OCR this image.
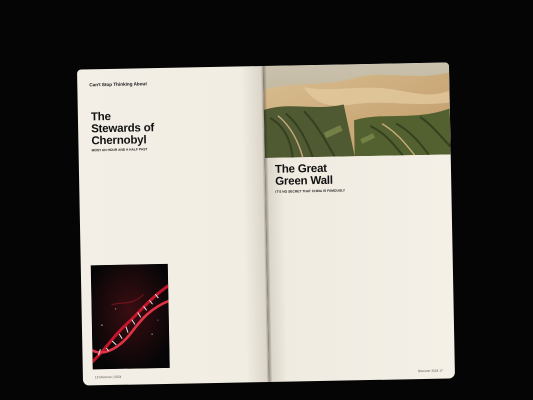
Can't Stop Thinking About
The Stewards of Chernobyl
MOST AN HOUR AND A HALF PAST

16 Discover | 2024
The Great Green Wall
IT'S NO SECRET THAT CHINA IS FAMOUSLY

Discover 2024 17
